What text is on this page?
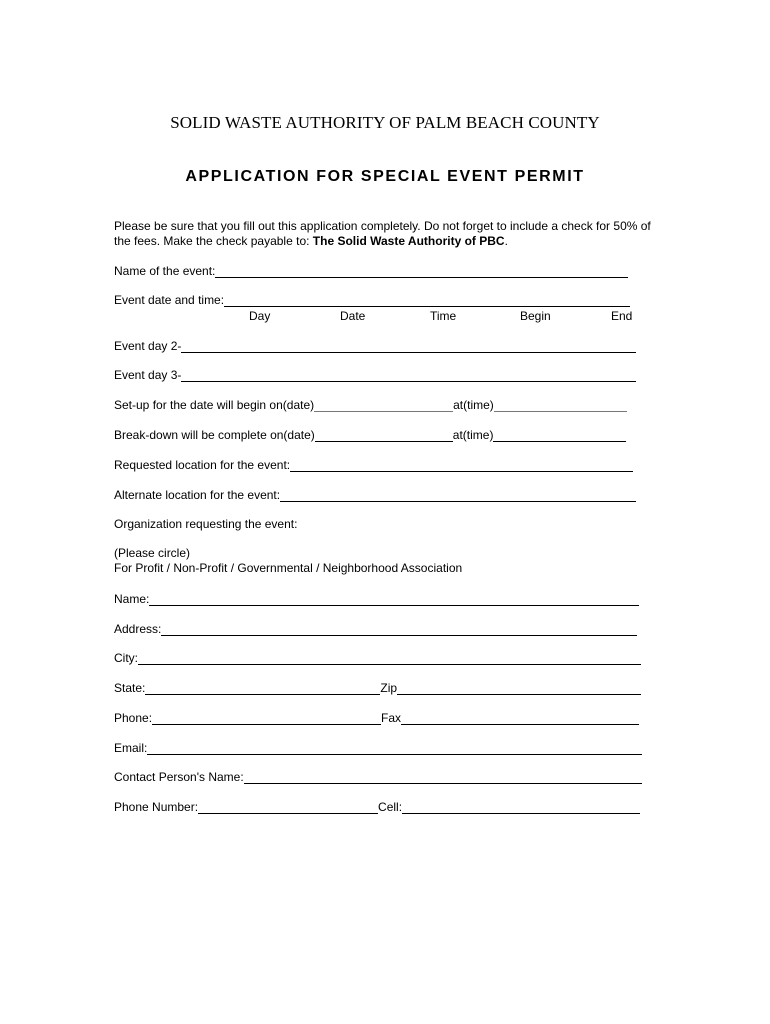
SOLID WASTE AUTHORITY OF PALM BEACH COUNTY
APPLICATION FOR SPECIAL EVENT PERMIT
Please be sure that you fill out this application completely. Do not forget to include a check for 50% of the fees. Make the check payable to: The Solid Waste Authority of PBC.
Name of the event:
Event date and time:
Day	Date	Time	Begin	End
Event day 2-
Event day 3-
Set-up for the date will begin on(date)	at(time)
Break-down will be complete on(date)	at(time)
Requested location for the event:
Alternate location for the event:
Organization requesting the event:
(Please circle)
For Profit / Non-Profit / Governmental / Neighborhood Association
Name:
Address:
City:
State:	Zip
Phone:	Fax
Email:
Contact Person's Name:
Phone Number:	Cell:
